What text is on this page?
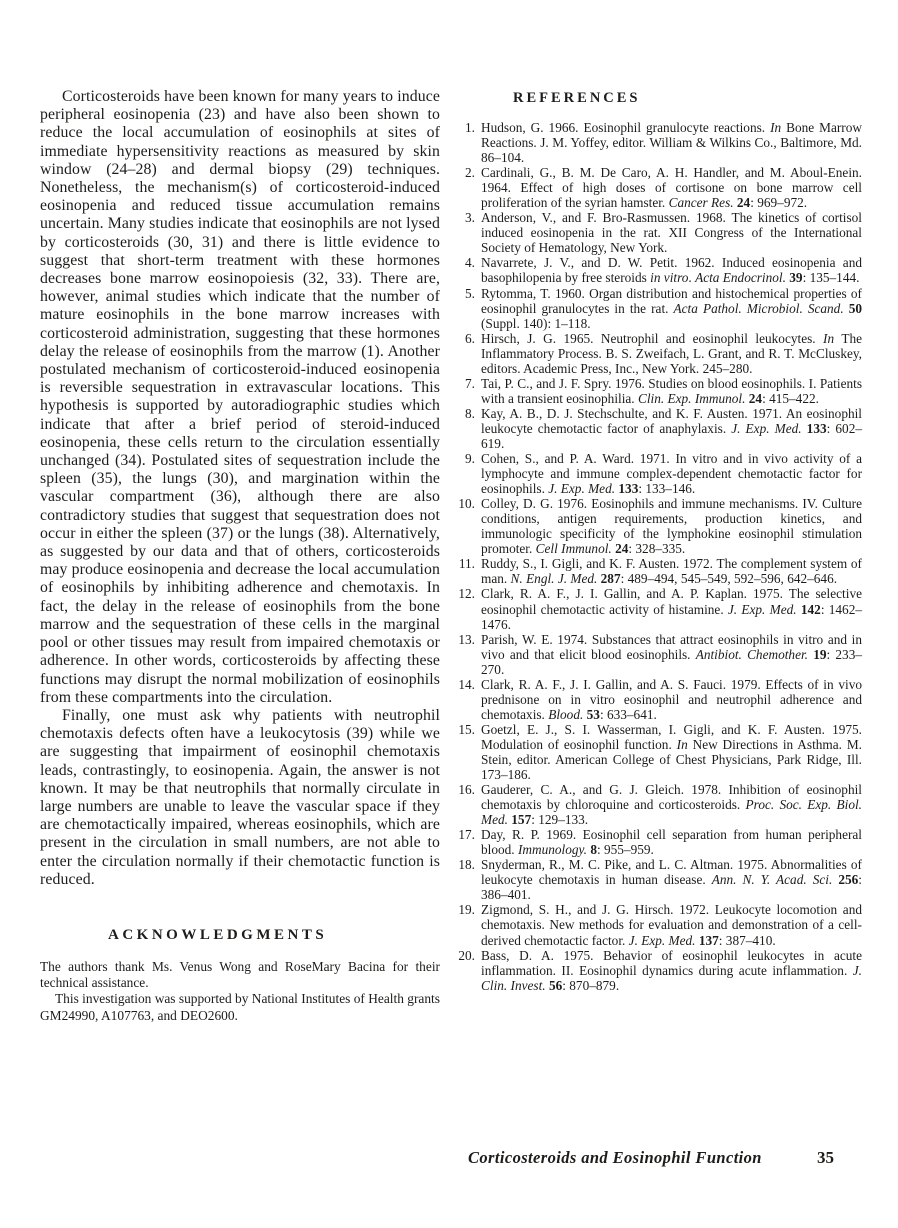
Corticosteroids have been known for many years to induce peripheral eosinopenia (23) and have also been shown to reduce the local accumulation of eosinophils at sites of immediate hypersensitivity reactions as measured by skin window (24–28) and dermal biopsy (29) techniques. Nonetheless, the mechanism(s) of corticosteroid-induced eosinopenia and reduced tissue accumulation remains uncertain. Many studies indicate that eosinophils are not lysed by corticosteroids (30, 31) and there is little evidence to suggest that short-term treatment with these hormones decreases bone marrow eosinopoiesis (32, 33). There are, however, animal studies which indicate that the number of mature eosinophils in the bone marrow increases with corticosteroid administration, suggesting that these hormones delay the release of eosinophils from the marrow (1). Another postulated mechanism of corticosteroid-induced eosinopenia is reversible sequestration in extravascular locations. This hypothesis is supported by autoradiographic studies which indicate that after a brief period of steroid-induced eosinopenia, these cells return to the circulation essentially unchanged (34). Postulated sites of sequestration include the spleen (35), the lungs (30), and margination within the vascular compartment (36), although there are also contradictory studies that suggest that sequestration does not occur in either the spleen (37) or the lungs (38). Alternatively, as suggested by our data and that of others, corticosteroids may produce eosinopenia and decrease the local accumulation of eosinophils by inhibiting adherence and chemotaxis. In fact, the delay in the release of eosinophils from the bone marrow and the sequestration of these cells in the marginal pool or other tissues may result from impaired chemotaxis or adherence. In other words, corticosteroids by affecting these functions may disrupt the normal mobilization of eosinophils from these compartments into the circulation.

Finally, one must ask why patients with neutrophil chemotaxis defects often have a leukocytosis (39) while we are suggesting that impairment of eosinophil chemotaxis leads, contrastingly, to eosinopenia. Again, the answer is not known. It may be that neutrophils that normally circulate in large numbers are unable to leave the vascular space if they are chemotactically impaired, whereas eosinophils, which are present in the circulation in small numbers, are not able to enter the circulation normally if their chemotactic function is reduced.

ACKNOWLEDGMENTS

The authors thank Ms. Venus Wong and RoseMary Bacina for their technical assistance.

This investigation was supported by National Institutes of Health grants GM24990, A107763, and DEO2600.

REFERENCES
1. Hudson, G. 1966. Eosinophil granulocyte reactions. In Bone Marrow Reactions. J. M. Yoffey, editor. William & Wilkins Co., Baltimore, Md. 86–104.
2. Cardinali, G., B. M. De Caro, A. H. Handler, and M. Aboul-Enein. 1964. Effect of high doses of cortisone on bone marrow cell proliferation of the syrian hamster. Cancer Res. 24: 969–972.
3. Anderson, V., and F. Bro-Rasmussen. 1968. The kinetics of cortisol induced eosinopenia in the rat. XII Congress of the International Society of Hematology, New York.
4. Navarrete, J. V., and D. W. Petit. 1962. Induced eosinopenia and basophilopenia by free steroids in vitro. Acta Endocrinol. 39: 135–144.
5. Rytomma, T. 1960. Organ distribution and histochemical properties of eosinophil granulocytes in the rat. Acta Pathol. Microbiol. Scand. 50 (Suppl. 140): 1–118.
6. Hirsch, J. G. 1965. Neutrophil and eosinophil leukocytes. In The Inflammatory Process. B. S. Zweifach, L. Grant, and R. T. McCluskey, editors. Academic Press, Inc., New York. 245–280.
7. Tai, P. C., and J. F. Spry. 1976. Studies on blood eosinophils. I. Patients with a transient eosinophilia. Clin. Exp. Immunol. 24: 415–422.
8. Kay, A. B., D. J. Stechschulte, and K. F. Austen. 1971. An eosinophil leukocyte chemotactic factor of anaphylaxis. J. Exp. Med. 133: 602–619.
9. Cohen, S., and P. A. Ward. 1971. In vitro and in vivo activity of a lymphocyte and immune complex-dependent chemotactic factor for eosinophils. J. Exp. Med. 133: 133–146.
10. Colley, D. G. 1976. Eosinophils and immune mechanisms. IV. Culture conditions, antigen requirements, production kinetics, and immunologic specificity of the lymphokine eosinophil stimulation promoter. Cell Immunol. 24: 328–335.
11. Ruddy, S., I. Gigli, and K. F. Austen. 1972. The complement system of man. N. Engl. J. Med. 287: 489–494, 545–549, 592–596, 642–646.
12. Clark, R. A. F., J. I. Gallin, and A. P. Kaplan. 1975. The selective eosinophil chemotactic activity of histamine. J. Exp. Med. 142: 1462–1476.
13. Parish, W. E. 1974. Substances that attract eosinophils in vitro and in vivo and that elicit blood eosinophils. Antibiot. Chemother. 19: 233–270.
14. Clark, R. A. F., J. I. Gallin, and A. S. Fauci. 1979. Effects of in vivo prednisone on in vitro eosinophil and neutrophil adherence and chemotaxis. Blood. 53: 633–641.
15. Goetzl, E. J., S. I. Wasserman, I. Gigli, and K. F. Austen. 1975. Modulation of eosinophil function. In New Directions in Asthma. M. Stein, editor. American College of Chest Physicians, Park Ridge, Ill. 173–186.
16. Gauderer, C. A., and G. J. Gleich. 1978. Inhibition of eosinophil chemotaxis by chloroquine and corticosteroids. Proc. Soc. Exp. Biol. Med. 157: 129–133.
17. Day, R. P. 1969. Eosinophil cell separation from human peripheral blood. Immunology. 8: 955–959.
18. Snyderman, R., M. C. Pike, and L. C. Altman. 1975. Abnormalities of leukocyte chemotaxis in human disease. Ann. N. Y. Acad. Sci. 256: 386–401.
19. Zigmond, S. H., and J. G. Hirsch. 1972. Leukocyte locomotion and chemotaxis. New methods for evaluation and demonstration of a cell-derived chemotactic factor. J. Exp. Med. 137: 387–410.
20. Bass, D. A. 1975. Behavior of eosinophil leukocytes in acute inflammation. II. Eosinophil dynamics during acute inflammation. J. Clin. Invest. 56: 870–879.
Corticosteroids and Eosinophil Function	35
